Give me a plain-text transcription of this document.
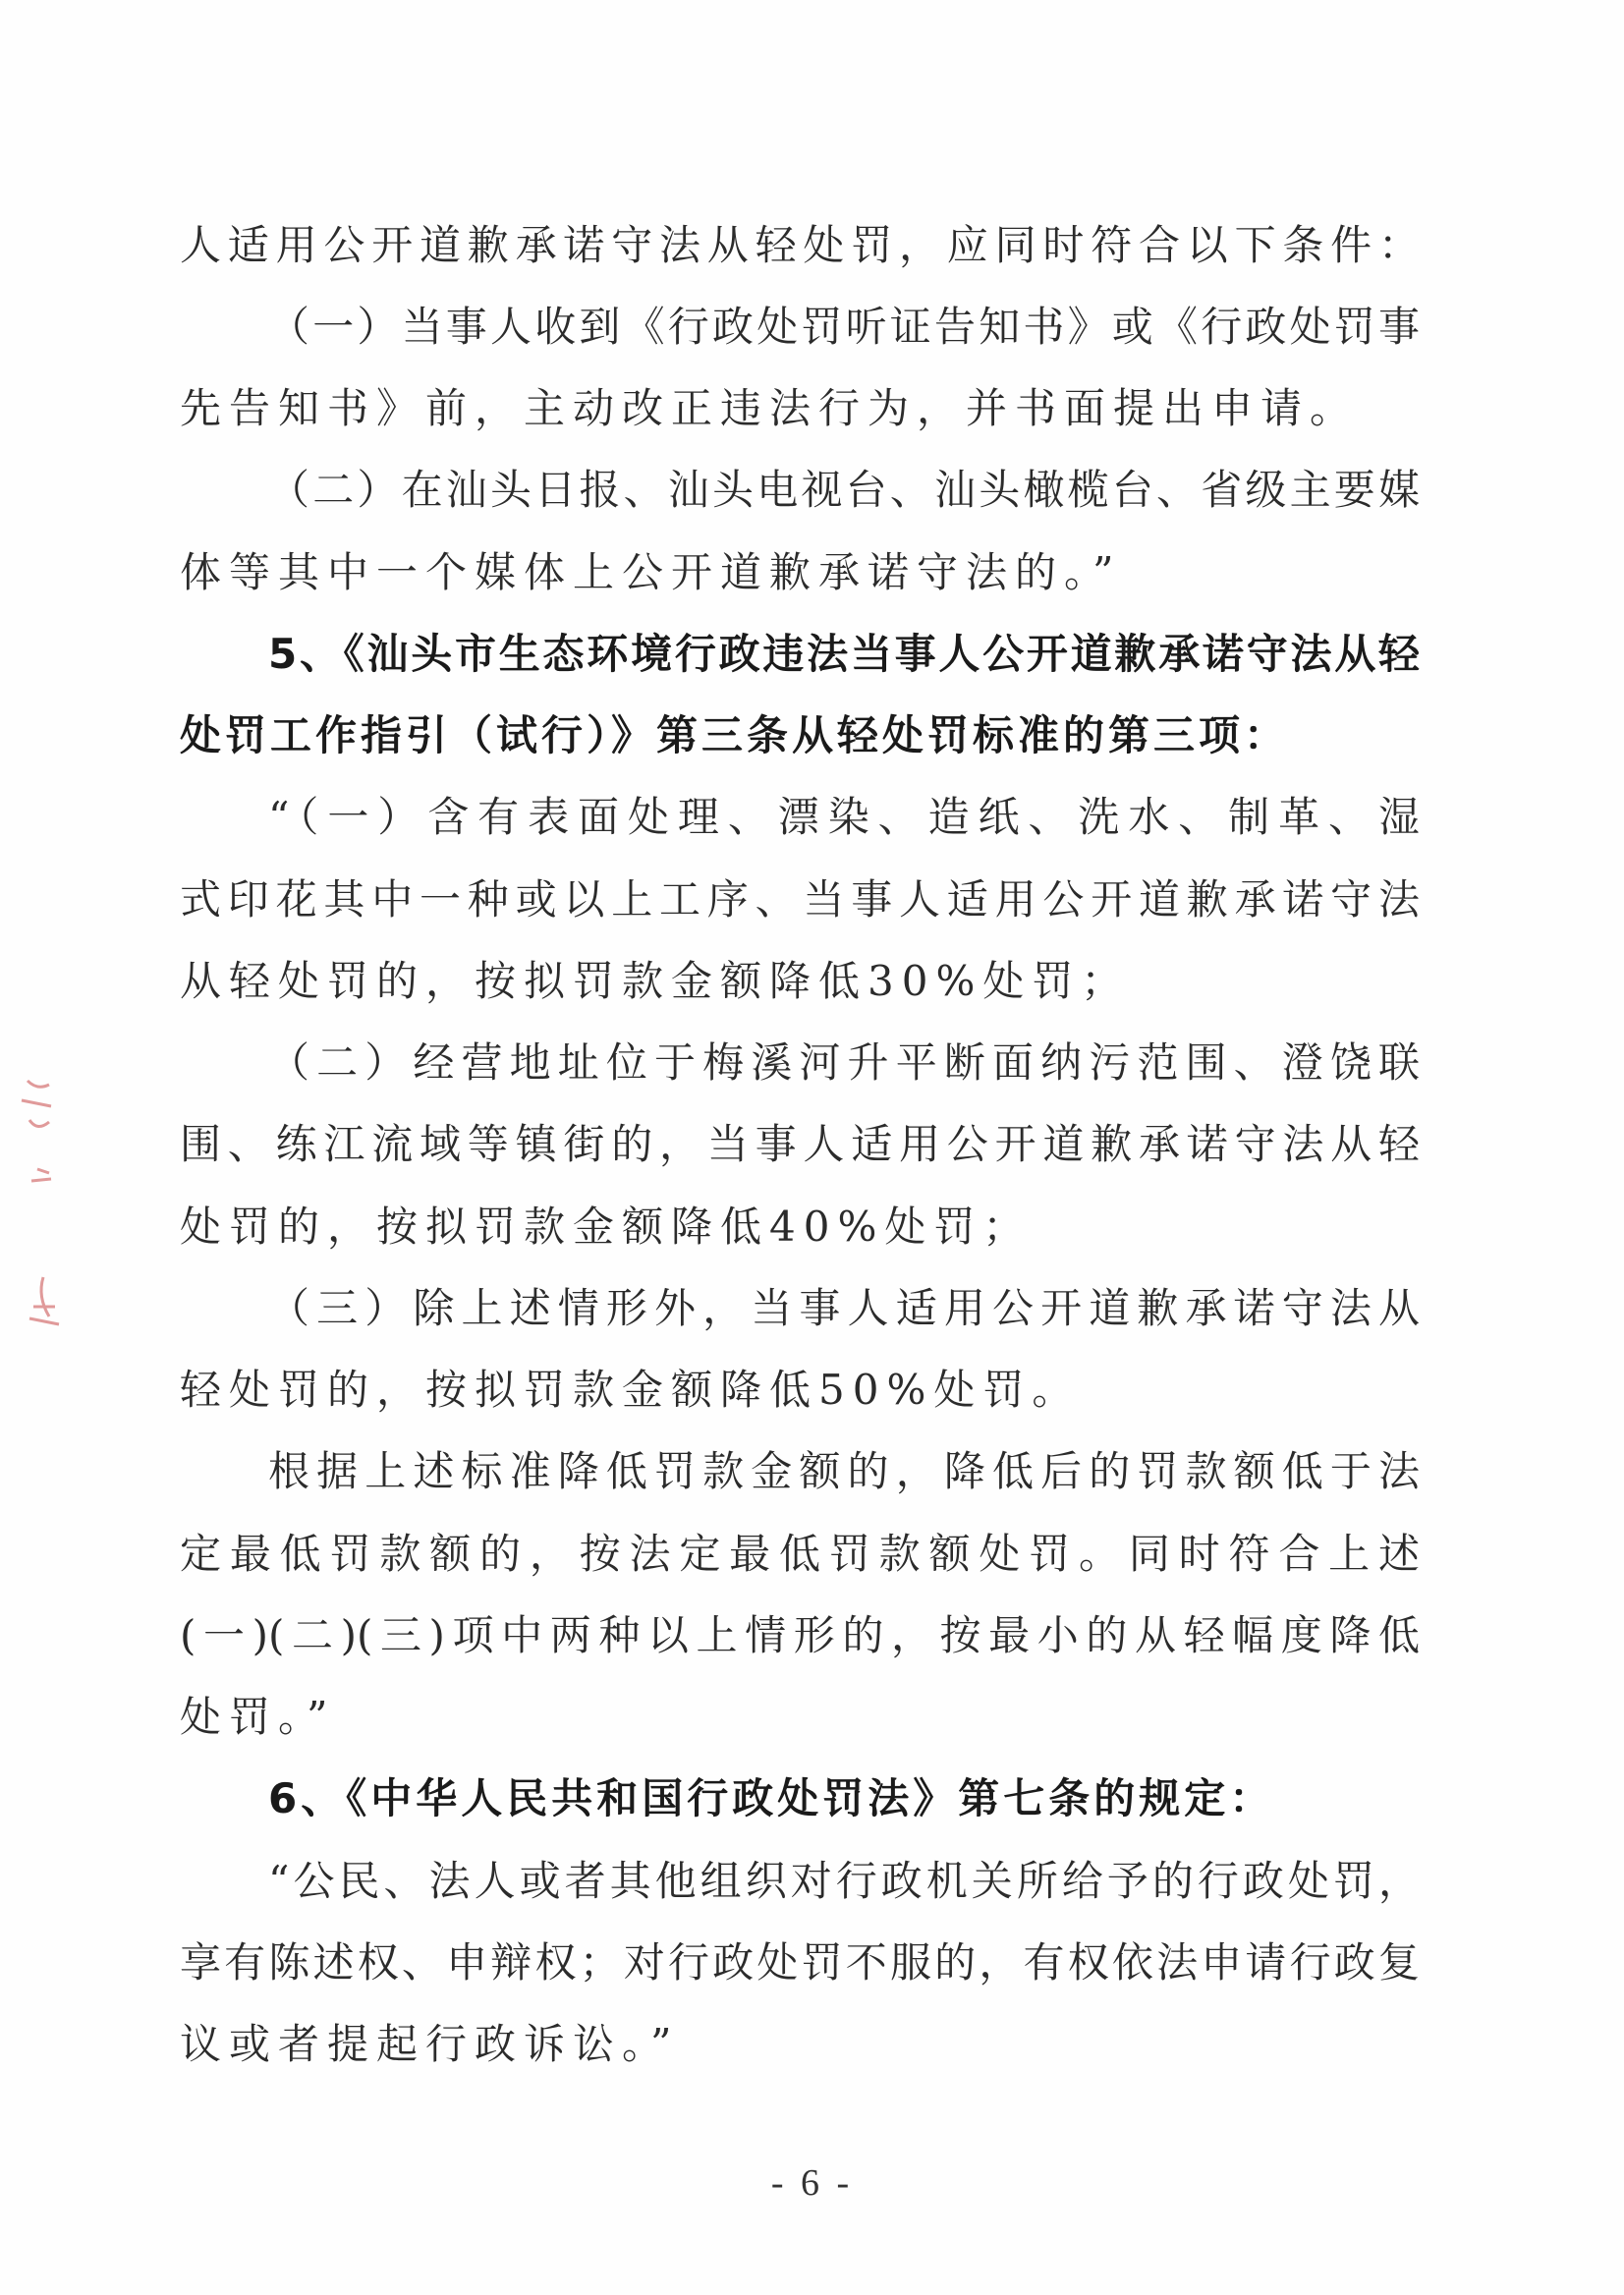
人适用公开道歉承诺守法从轻处罚，应同时符合以下条件：
（一）当事人收到《行政处罚听证告知书》或《行政处罚事
先告知书》前，主动改正违法行为，并书面提出申请。
（二）在汕头日报、汕头电视台、汕头橄榄台、省级主要媒
体等其中一个媒体上公开道歉承诺守法的。”
5、《汕头市生态环境行政违法当事人公开道歉承诺守法从轻
处罚工作指引（试行）》第三条从轻处罚标准的第三项：
“（一）含有表面处理、漂染、造纸、洗水、制革、湿
式印花其中一种或以上工序、当事人适用公开道歉承诺守法
从轻处罚的，按拟罚款金额降低30%处罚；
（二）经营地址位于梅溪河升平断面纳污范围、澄饶联
围、练江流域等镇街的，当事人适用公开道歉承诺守法从轻
处罚的，按拟罚款金额降低40%处罚；
（三）除上述情形外，当事人适用公开道歉承诺守法从
轻处罚的，按拟罚款金额降低50%处罚。
根据上述标准降低罚款金额的，降低后的罚款额低于法
定最低罚款额的，按法定最低罚款额处罚。同时符合上述
(一)(二)(三)项中两种以上情形的，按最小的从轻幅度降低
处罚。”
6、《中华人民共和国行政处罚法》第七条的规定：
“公民、法人或者其他组织对行政机关所给予的行政处罚，
享有陈述权、申辩权；对行政处罚不服的，有权依法申请行政复
议或者提起行政诉讼。”
- 6 -
